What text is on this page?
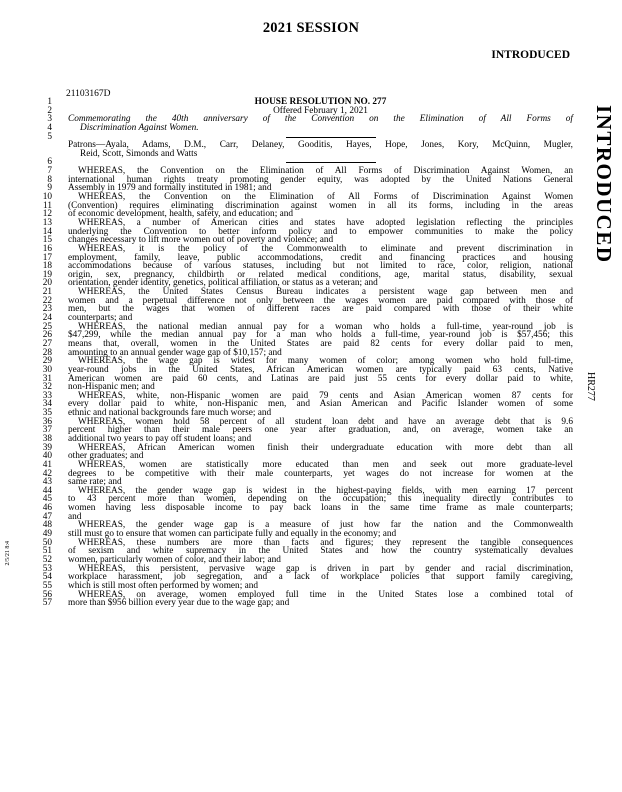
2021 SESSION
INTRODUCED
INTRODUCED
HR277
2/5/21 8:4
21103167D
1	HOUSE RESOLUTION NO. 277
2	Offered February 1, 2021
3 Commemorating the 40th anniversary of the Convention on the Elimination of All Forms of
4	Discrimination Against Women.
5
Patrons—Ayala, Adams, D.M., Carr, Delaney, Gooditis, Hayes, Hope, Jones, Kory, McQuinn, Mugler,
Reid, Scott, Simonds and Watts
6
7	WHEREAS, the Convention on the Elimination of All Forms of Discrimination Against Women, an
8 international human rights treaty promoting gender equity, was adopted by the United Nations General
9 Assembly in 1979 and formally instituted in 1981; and
10	WHEREAS, the Convention on the Elimination of All Forms of Discrimination Against Women
11 (Convention) requires eliminating discrimination against women in all its forms, including in the areas
12 of economic development, health, safety, and education; and
13	WHEREAS, a number of American cities and states have adopted legislation reflecting the principles
14 underlying the Convention to better inform policy and to empower communities to make the policy
15 changes necessary to lift more women out of poverty and violence; and
16	WHEREAS, it is the policy of the Commonwealth to eliminate and prevent discrimination in
17 employment, family, leave, public accommodations, credit and financing practices and housing
18 accommodations because of various statuses, including but not limited to race, color, religion, national
19 origin, sex, pregnancy, childbirth or related medical conditions, age, marital status, disability, sexual
20 orientation, gender identity, genetics, political affiliation, or status as a veteran; and
21	WHEREAS, the United States Census Bureau indicates a persistent wage gap between men and
22 women and a perpetual difference not only between the wages women are paid compared with those of
23 men, but the wages that women of different races are paid compared with those of their white
24 counterparts; and
25	WHEREAS, the national median annual pay for a woman who holds a full-time, year-round job is
26 $47,299, while the median annual pay for a man who holds a full-time, year-round job is $57,456; this
27 means that, overall, women in the United States are paid 82 cents for every dollar paid to men,
28 amounting to an annual gender wage gap of $10,157; and
29	WHEREAS, the wage gap is widest for many women of color; among women who hold full-time,
30 year-round jobs in the United States, African American women are typically paid 63 cents, Native
31 American women are paid 60 cents, and Latinas are paid just 55 cents for every dollar paid to white,
32 non-Hispanic men; and
33	WHEREAS, white, non-Hispanic women are paid 79 cents and Asian American women 87 cents for
34 every dollar paid to white, non-Hispanic men, and Asian American and Pacific Islander women of some
35 ethnic and national backgrounds fare much worse; and
36	WHEREAS, women hold 58 percent of all student loan debt and have an average debt that is 9.6
37 percent higher than their male peers one year after graduation, and, on average, women take an
38 additional two years to pay off student loans; and
39	WHEREAS, African American women finish their undergraduate education with more debt than all
40 other graduates; and
41	WHEREAS, women are statistically more educated than men and seek out more graduate-level
42 degrees to be competitive with their male counterparts, yet wages do not increase for women at the
43 same rate; and
44	WHEREAS, the gender wage gap is widest in the highest-paying fields, with men earning 17 percent
45 to 43 percent more than women, depending on the occupation; this inequality directly contributes to
46 women having less disposable income to pay back loans in the same time frame as male counterparts;
47 and
48	WHEREAS, the gender wage gap is a measure of just how far the nation and the Commonwealth
49 still must go to ensure that women can participate fully and equally in the economy; and
50	WHEREAS, these numbers are more than facts and figures; they represent the tangible consequences
51 of sexism and white supremacy in the United States and how the country systematically devalues
52 women, particularly women of color, and their labor; and
53	WHEREAS, this persistent, pervasive wage gap is driven in part by gender and racial discrimination,
54 workplace harassment, job segregation, and a lack of workplace policies that support family caregiving,
55 which is still most often performed by women; and
56	WHEREAS, on average, women employed full time in the United States lose a combined total of
57 more than $956 billion every year due to the wage gap; and
